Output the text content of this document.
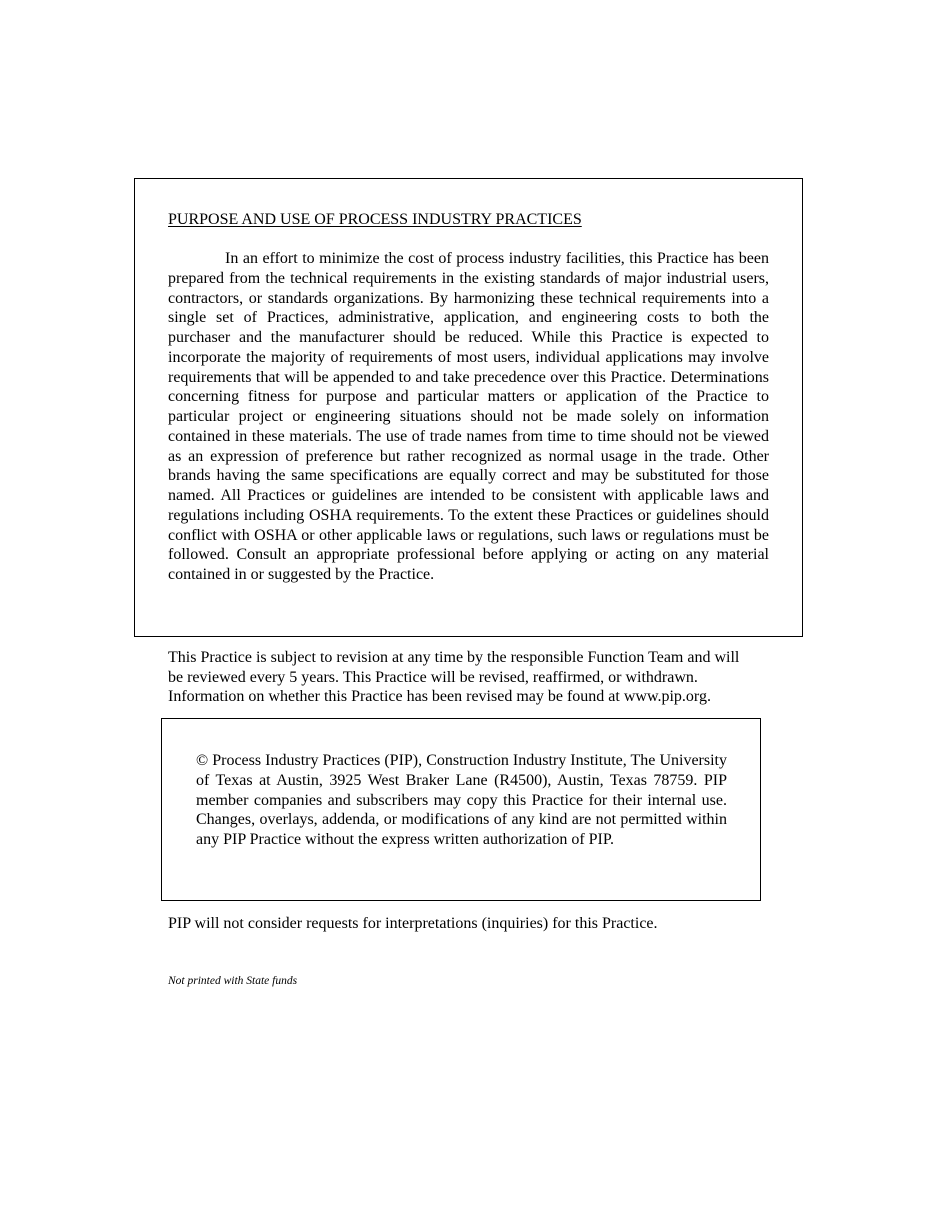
PURPOSE AND USE OF PROCESS INDUSTRY PRACTICES

In an effort to minimize the cost of process industry facilities, this Practice has been prepared from the technical requirements in the existing standards of major industrial users, contractors, or standards organizations. By harmonizing these technical requirements into a single set of Practices, administrative, application, and engineering costs to both the purchaser and the manufacturer should be reduced. While this Practice is expected to incorporate the majority of requirements of most users, individual applications may involve requirements that will be appended to and take precedence over this Practice. Determinations concerning fitness for purpose and particular matters or application of the Practice to particular project or engineering situations should not be made solely on information contained in these materials. The use of trade names from time to time should not be viewed as an expression of preference but rather recognized as normal usage in the trade. Other brands having the same specifications are equally correct and may be substituted for those named. All Practices or guidelines are intended to be consistent with applicable laws and regulations including OSHA requirements. To the extent these Practices or guidelines should conflict with OSHA or other applicable laws or regulations, such laws or regulations must be followed. Consult an appropriate professional before applying or acting on any material contained in or suggested by the Practice.

This Practice is subject to revision at any time by the responsible Function Team and will
be reviewed every 5 years. This Practice will be revised, reaffirmed, or withdrawn.
Information on whether this Practice has been revised may be found at www.pip.org.

© Process Industry Practices (PIP), Construction Industry Institute, The University of Texas at Austin, 3925 West Braker Lane (R4500), Austin, Texas 78759. PIP member companies and subscribers may copy this Practice for their internal use. Changes, overlays, addenda, or modifications of any kind are not permitted within any PIP Practice without the express written authorization of PIP.

PIP will not consider requests for interpretations (inquiries) for this Practice.
Not printed with State funds
